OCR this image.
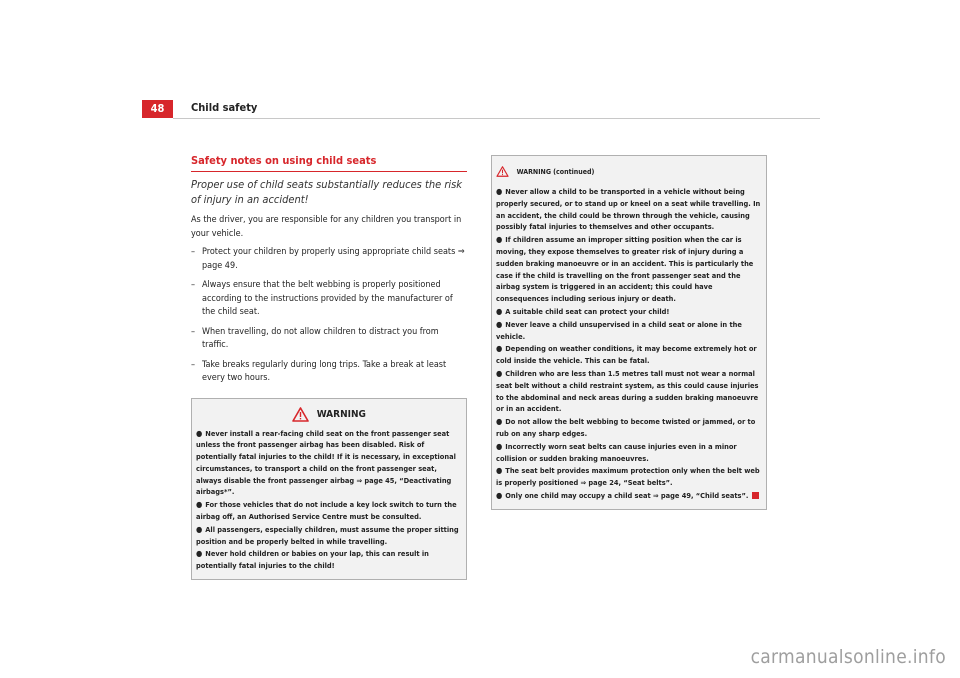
48	Child safety
Safety notes on using child seats

Proper use of child seats substantially reduces the risk of injury in an accident!

As the driver, you are responsible for any children you transport in your vehicle.

– Protect your children by properly using appropriate child seats ⇒ page 49.

– Always ensure that the belt webbing is properly positioned according to the instructions provided by the manufacturer of the child seat.

– When travelling, do not allow children to distract you from traffic.

– Take breaks regularly during long trips. Take a break at least every two hours.

WARNING

● Never install a rear-facing child seat on the front passenger seat unless the front passenger airbag has been disabled. Risk of potentially fatal injuries to the child! If it is necessary, in exceptional circumstances, to transport a child on the front passenger seat, always disable the front passenger airbag ⇒ page 45, “Deactivating airbags*”.

● For those vehicles that do not include a key lock switch to turn the airbag off, an Authorised Service Centre must be consulted.

● All passengers, especially children, must assume the proper sitting position and be properly belted in while travelling.

● Never hold children or babies on your lap, this can result in potentially fatal injuries to the child!

WARNING (continued)

● Never allow a child to be transported in a vehicle without being properly secured, or to stand up or kneel on a seat while travelling. In an accident, the child could be thrown through the vehicle, causing possibly fatal injuries to themselves and other occupants.

● If children assume an improper sitting position when the car is moving, they expose themselves to greater risk of injury during a sudden braking manoeuvre or in an accident. This is particularly the case if the child is travelling on the front passenger seat and the airbag system is triggered in an accident; this could have consequences including serious injury or death.

● A suitable child seat can protect your child!

● Never leave a child unsupervised in a child seat or alone in the vehicle.

● Depending on weather conditions, it may become extremely hot or cold inside the vehicle. This can be fatal.

● Children who are less than 1.5 metres tall must not wear a normal seat belt without a child restraint system, as this could cause injuries to the abdominal and neck areas during a sudden braking manoeuvre or in an accident.

● Do not allow the belt webbing to become twisted or jammed, or to rub on any sharp edges.

● Incorrectly worn seat belts can cause injuries even in a minor collision or sudden braking manoeuvres.

● The seat belt provides maximum protection only when the belt web is properly positioned ⇒ page 24, “Seat belts”.

● Only one child may occupy a child seat ⇒ page 49, “Child seats”.

carmanualsonline.info
